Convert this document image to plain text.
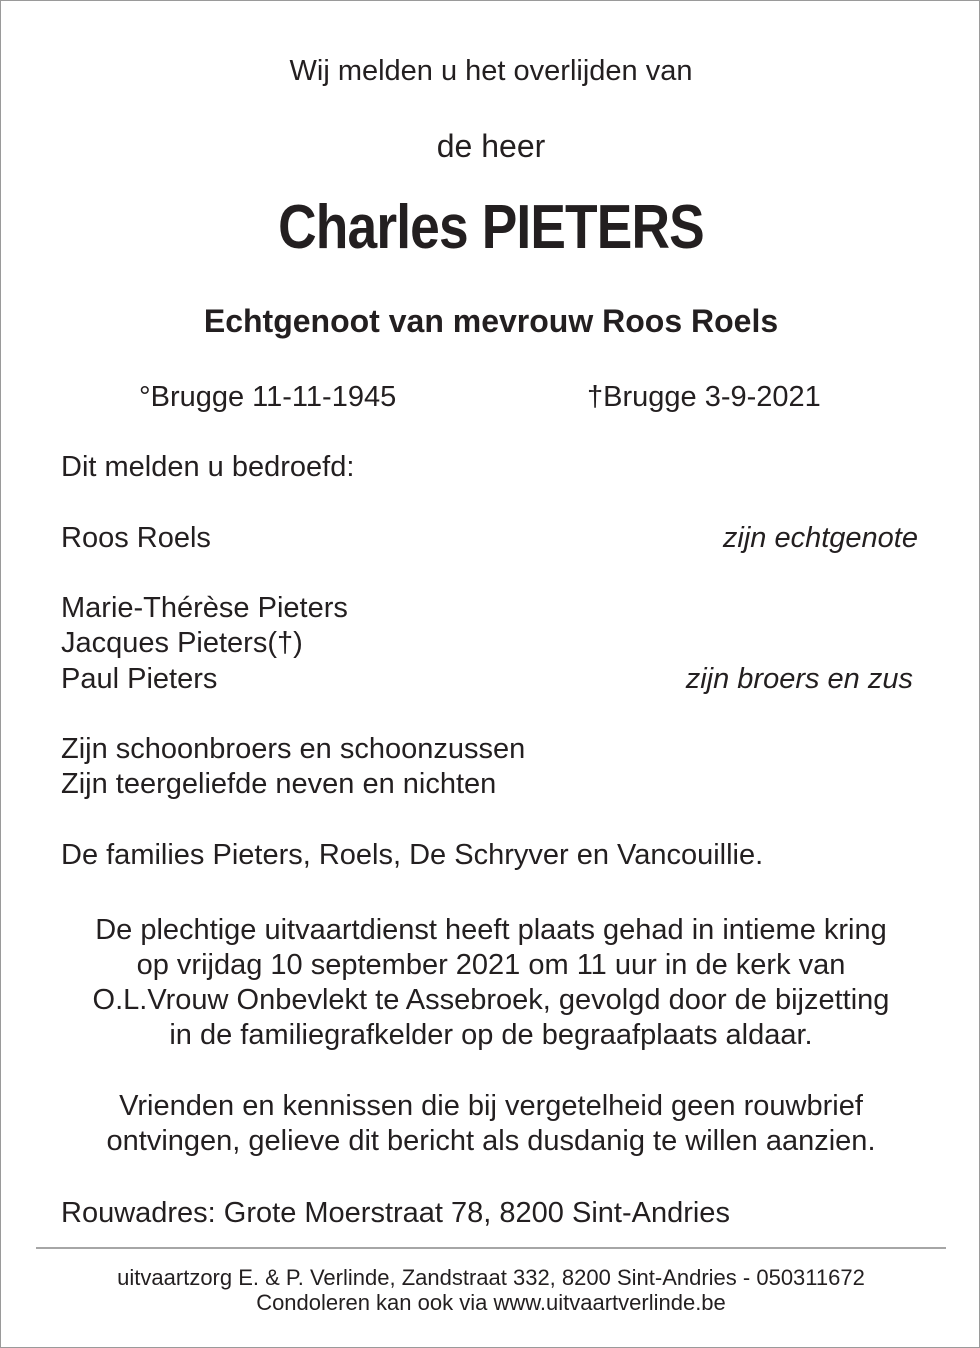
Wij melden u het overlijden van
de heer
Charles PIETERS
Echtgenoot van mevrouw Roos Roels
°Brugge 11-11-1945	†Brugge 3-9-2021
Dit melden u bedroefd:
Roos Roels	zijn echtgenote
Marie-Thérèse Pieters
Jacques Pieters(†)
Paul Pieters	zijn broers en zus
Zijn schoonbroers en schoonzussen
Zijn teergeliefde neven en nichten
De families Pieters, Roels, De Schryver en Vancouillie.
De plechtige uitvaartdienst heeft plaats gehad in intieme kring
op vrijdag 10 september 2021 om 11 uur in de kerk van
O.L.Vrouw Onbevlekt te Assebroek, gevolgd door de bijzetting
in de familiegrafkelder op de begraafplaats aldaar.
Vrienden en kennissen die bij vergetelheid geen rouwbrief
ontvingen, gelieve dit bericht als dusdanig te willen aanzien.
Rouwadres: Grote Moerstraat 78, 8200 Sint-Andries
uitvaartzorg E. & P. Verlinde, Zandstraat 332, 8200 Sint-Andries - 050311672
Condoleren kan ook via www.uitvaartverlinde.be
